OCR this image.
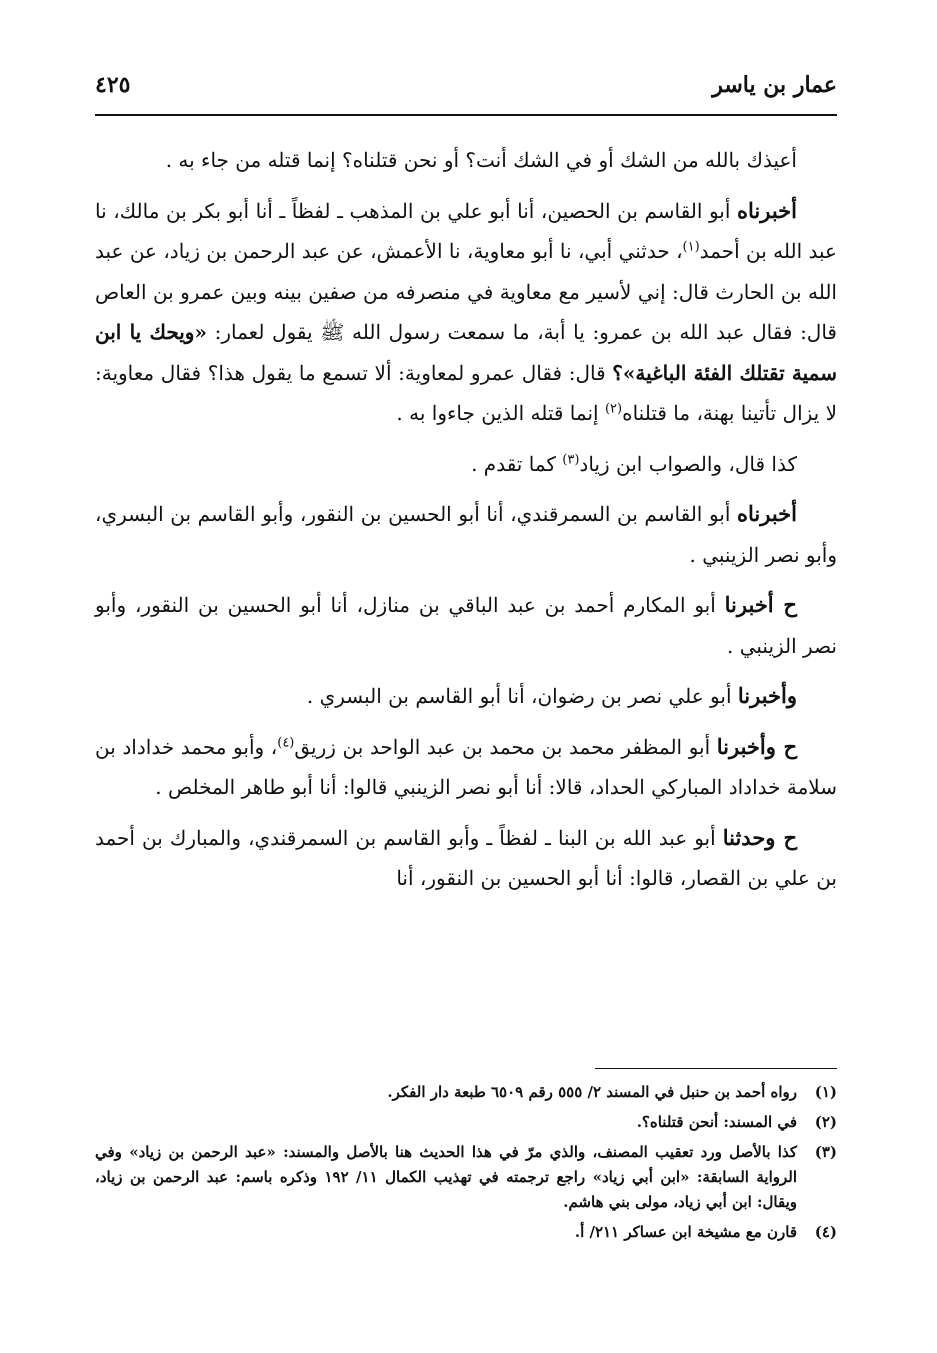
عمار بن ياسر
٤٢٥

أعيذك بالله من الشك أو في الشك أنت؟ أو نحن قتلناه؟ إنما قتله من جاء به .

أخبرناه أبو القاسم بن الحصين، أنا أبو علي بن المذهب ـ لفظاً ـ أنا أبو بكر بن مالك، نا عبد الله بن أحمد$^{(١)}$، حدثني أبي، نا أبو معاوية، نا الأعمش، عن عبد الرحمن بن زياد، عن عبد الله بن الحارث قال: إني لأسير مع معاوية في منصرفه من صفين بينه وبين عمرو بن العاص قال: فقال عبد الله بن عمرو: يا أبة، ما سمعت رسول الله ﷺ يقول لعمار: «ويحك يا ابن سمية تقتلك الفئة الباغية»؟ قال: فقال عمرو لمعاوية: ألا تسمع ما يقول هذا؟ فقال معاوية: لا يزال تأتينا بهنة، ما قتلناه$^{(٢)}$ إنما قتله الذين جاءوا به .

كذا قال، والصواب ابن زياد$^{(٣)}$ كما تقدم .

أخبرناه أبو القاسم بن السمرقندي، أنا أبو الحسين بن النقور، وأبو القاسم بن البسري، وأبو نصر الزينبي .

ح أخبرنا أبو المكارم أحمد بن عبد الباقي بن منازل، أنا أبو الحسين بن النقور، وأبو نصر الزينبي .

وأخبرنا أبو علي نصر بن رضوان، أنا أبو القاسم بن البسري .

ح وأخبرنا أبو المظفر محمد بن محمد بن عبد الواحد بن زريق$^{(٤)}$، وأبو محمد خداداد بن سلامة خداداد المباركي الحداد، قالا: أنا أبو نصر الزينبي قالوا: أنا أبو طاهر المخلص .

ح وحدثنا أبو عبد الله بن البنا ـ لفظاً ـ وأبو القاسم بن السمرقندي، والمبارك بن أحمد بن علي بن القصار، قالوا: أنا أبو الحسين بن النقور، أنا

(١)
رواه أحمد بن حنبل في المسند ٢/ ٥٥٥ رقم ٦٥٠٩ طبعة دار الفكر.
(٢)
في المسند: أنحن قتلناه؟.
(٣)
كذا بالأصل ورد تعقيب المصنف، والذي مرّ في هذا الحديث هنا بالأصل والمسند: «عبد الرحمن بن زياد» وفي الرواية السابقة: «ابن أبي زياد» راجع ترجمته في تهذيب الكمال ١١/ ١٩٢ وذكره باسم: عبد الرحمن بن زياد، ويقال: ابن أبي زياد، مولى بني هاشم.
(٤)
قارن مع مشيخة ابن عساكر ٢١١/ أ.
